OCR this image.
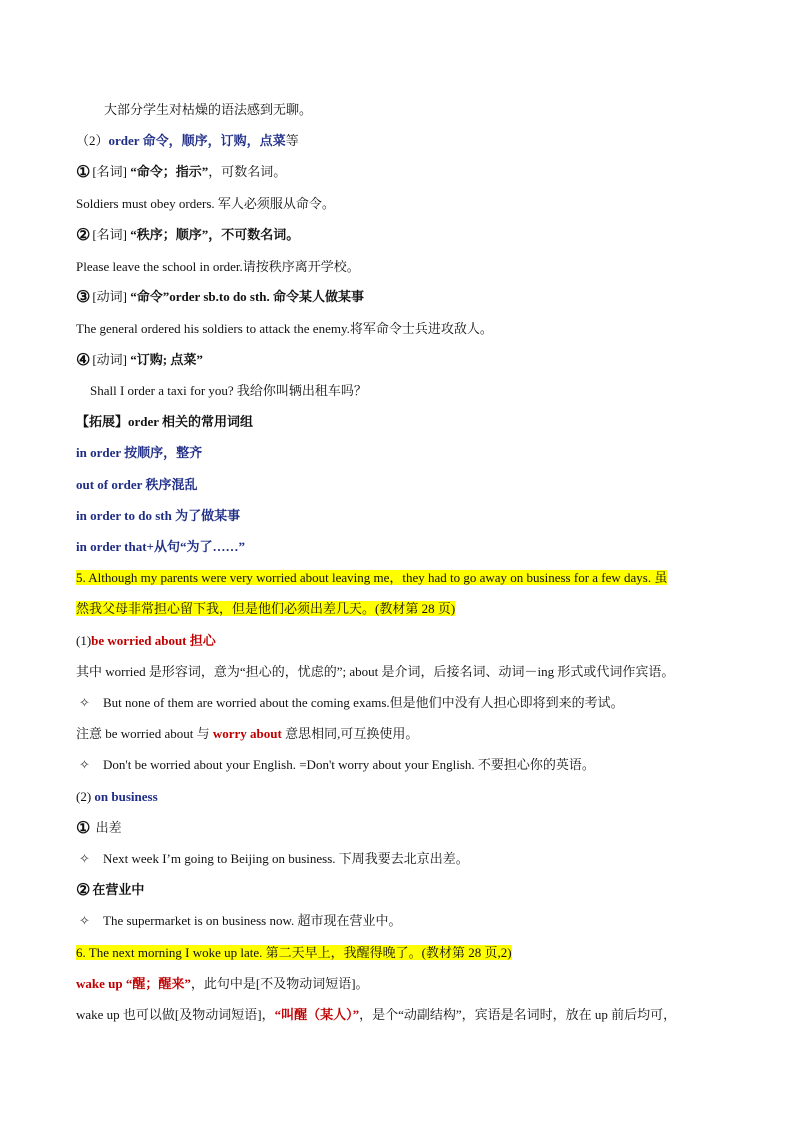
大部分学生对枯燥的语法感到无聊。
（2）order 命令，顺序，订购，点菜等
① [名词] “命令；指示”，可数名词。
Soldiers must obey orders. 军人必须服从命令。
② [名词] “秩序；顺序”，不可数名词。
Please leave the school in order.请按秩序离开学校。
③ [动词] “命令”order sb.to do sth. 命令某人做某事
The general ordered his soldiers to attack the enemy.将军命令士兵进攻敌人。
④ [动词] “订购; 点菜”
Shall I order a taxi for you? 我给你叫辆出租车吗？
【拓展】order 相关的常用词组
in order 按顺序，整齐
out of order 秩序混乱
in order to do sth 为了做某事
in order that+从句“为了……”
5. Although my parents were very worried about leaving me，they had to go away on business for a few days. 虽
然我父母非常担心留下我，但是他们必须出差几天。(教材第 28 页)
(1)be worried about 担心
其中 worried 是形容词，意为“担心的，忧虑的”; about 是介词，后接名词、动词－ing 形式或代词作宾语。
✧ But none of them are worried about the coming exams.但是他们中没有人担心即将到来的考试。
注意 be worried about 与 worry about 意思相同,可互换使用。
✧ Don't be worried about your English. =Don't worry about your English. 不要担心你的英语。
(2) on business
① 出差
✧ Next week I’m going to Beijing on business. 下周我要去北京出差。
② 在营业中
✧ The supermarket is on business now. 超市现在营业中。
6. The next morning I woke up late. 第二天早上，我醒得晚了。(教材第 28 页,2)
wake up “醒；醒来”，此句中是[不及物动词短语]。
wake up 也可以做[及物动词短语]，“叫醒（某人）”，是个“动副结构”，宾语是名词时，放在 up 前后均可，
